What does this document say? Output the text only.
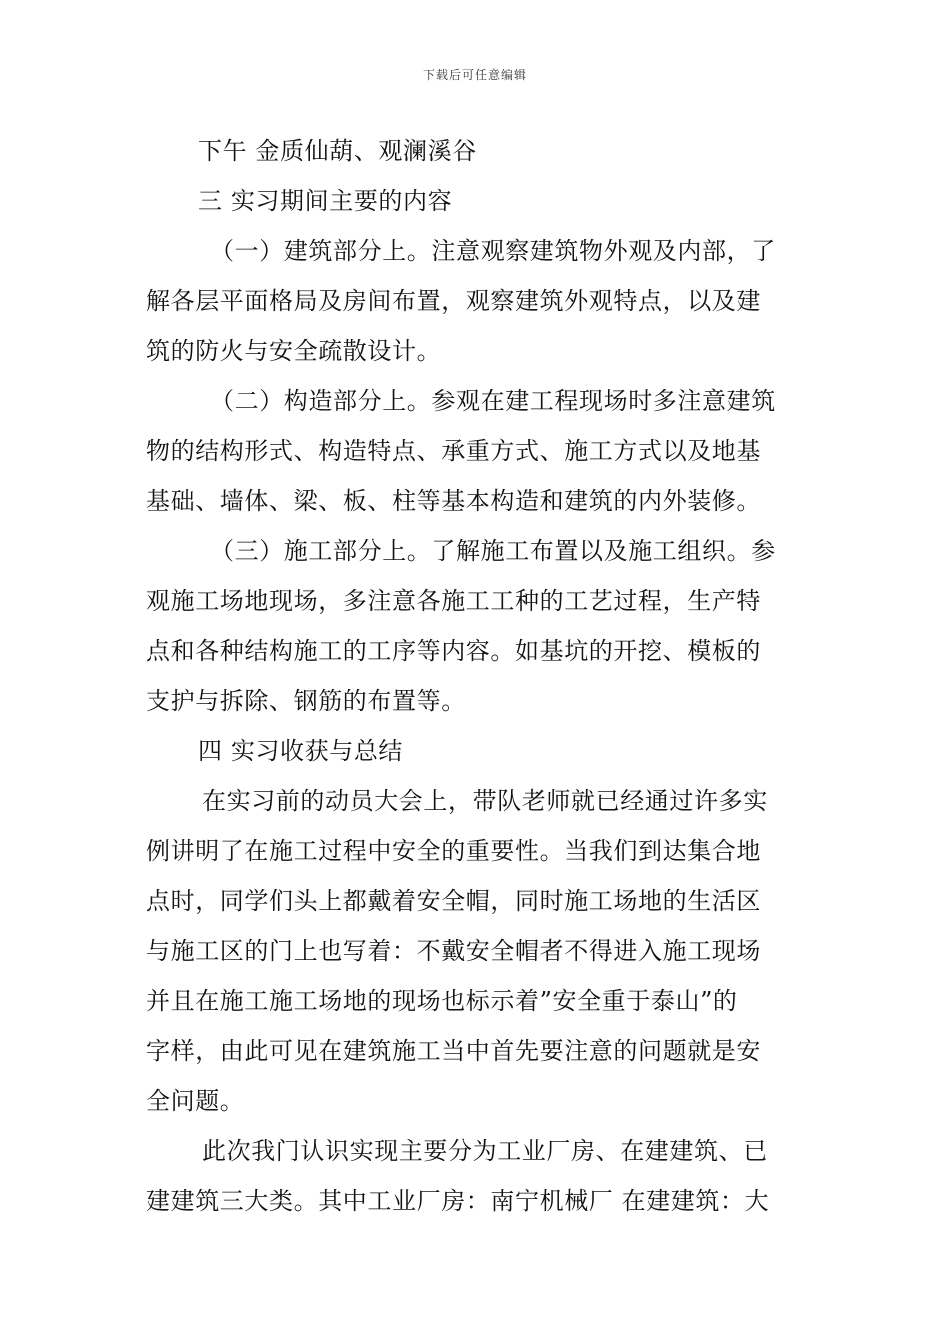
下载后可任意编辑
下午 金质仙葫、观澜溪谷
三 实习期间主要的内容
（一）建筑部分上。注意观察建筑物外观及内部，了
解各层平面格局及房间布置，观察建筑外观特点，以及建
筑的防火与安全疏散设计。
（二）构造部分上。参观在建工程现场时多注意建筑
物的结构形式、构造特点、承重方式、施工方式以及地基
基础、墙体、梁、板、柱等基本构造和建筑的内外装修。
（三）施工部分上。了解施工布置以及施工组织。参
观施工场地现场，多注意各施工工种的工艺过程，生产特
点和各种结构施工的工序等内容。如基坑的开挖、模板的
支护与拆除、钢筋的布置等。
四 实习收获与总结
在实习前的动员大会上，带队老师就已经通过许多实
例讲明了在施工过程中安全的重要性。当我们到达集合地
点时，同学们头上都戴着安全帽，同时施工场地的生活区
与施工区的门上也写着：不戴安全帽者不得进入施工现场
并且在施工施工场地的现场也标示着”安全重于泰山”的
字样，由此可见在建筑施工当中首先要注意的问题就是安
全问题。
此次我门认识实现主要分为工业厂房、在建建筑、已
建建筑三大类。其中工业厂房：南宁机械厂 在建建筑：大
